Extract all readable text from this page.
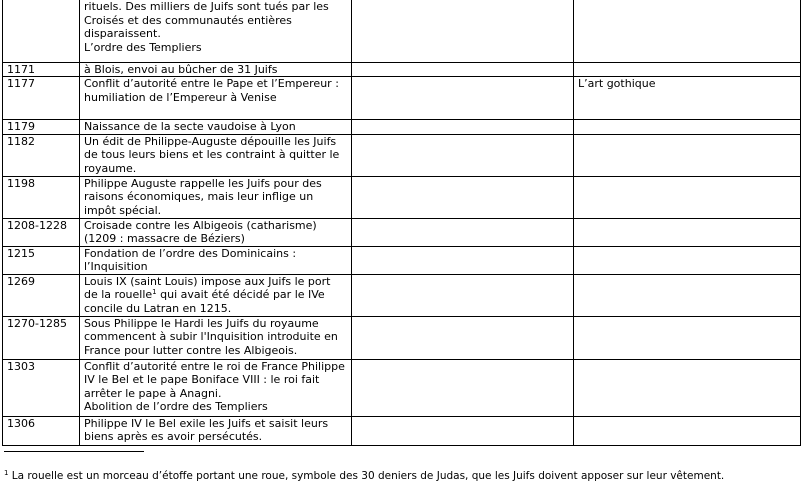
	rituels. Des milliers de Juifs sont tués par les Croisés et des communautés entières disparaissent.
L’ordre des Templiers		

1171	à Blois, envoi au bûcher de 31 Juifs		
1177	Conflit d’autorité entre le Pape et l’Empereur : humiliation de l’Empereur à Venise		L’art gothique
1179	Naissance de la secte vaudoise à Lyon		
1182	Un édit de Philippe-Auguste dépouille les Juifs de tous leurs biens et les contraint à quitter le royaume.		
1198	Philippe Auguste rappelle les Juifs pour des raisons économiques, mais leur inflige un impôt spécial.		
1208-1228	Croisade contre les Albigeois (catharisme) (1209 : massacre de Béziers)		
1215	Fondation de l’ordre des Dominicains : l’Inquisition		
1269	Louis IX (saint Louis) impose aux Juifs le port de la rouelle$^1$ qui avait été décidé par le IVe concile du Latran en 1215.		
1270-1285	Sous Philippe le Hardi les Juifs du royaume commencent à subir l'Inquisition introduite en France pour lutter contre les Albigeois.		
1303	Conflit d’autorité entre le roi de France Philippe IV le Bel et le pape Boniface VIII : le roi fait arrêter le pape à Anagni.
Abolition de l’ordre des Templiers		

1306	Philippe IV le Bel exile les Juifs et saisit leurs biens après es avoir persécutés.		
$^1$ La rouelle est un morceau d’étoffe portant une roue, symbole des 30 deniers de Judas, que les Juifs doivent apposer sur leur vêtement.
